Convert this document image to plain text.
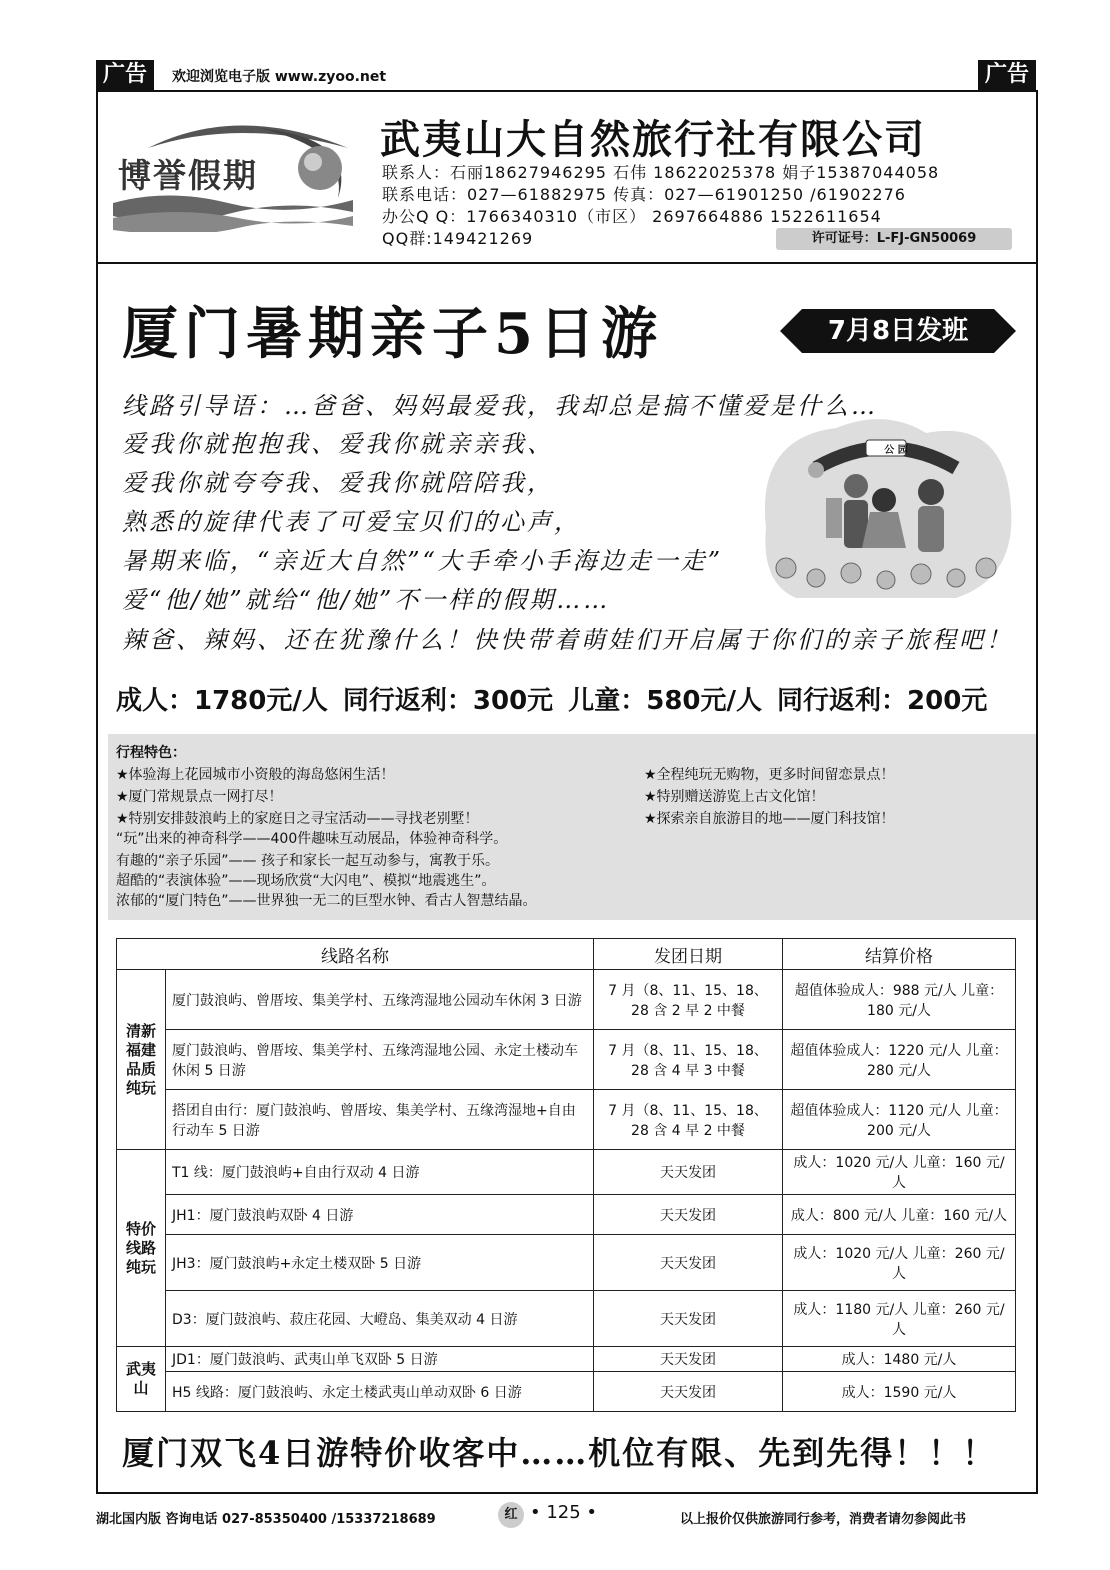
广告	欢迎浏览电子版 www.zyoo.net	广告
博誉假期
武夷山大自然旅行社有限公司
联系人：石丽18627946295 石伟 18622025378 娟子15387044058
联系电话：027—61882975 传真：027—61901250 /61902276
办公Q Q：1766340310（市区） 2697664886 1522611654
QQ群:149421269	许可证号：L-FJ-GN50069
厦门暑期亲子5日游	7月8日发班
线路引导语：…爸爸、妈妈最爱我，我却总是搞不懂爱是什么…
爱我你就抱抱我、爱我你就亲亲我、
爱我你就夸夸我、爱我你就陪陪我，
熟悉的旋律代表了可爱宝贝们的心声，
暑期来临，“亲近大自然”“大手牵小手海边走一走”
爱“他/她”就给“他/她”不一样的假期……
辣爸、辣妈、还在犹豫什么！快快带着萌娃们开启属于你们的亲子旅程吧！
公 园
成人：1780元/人 同行返利：300元 儿童：580元/人 同行返利：200元
行程特色：
★体验海上花园城市小资般的海岛悠闲生活！
★厦门常规景点一网打尽！
★特别安排鼓浪屿上的家庭日之寻宝活动——寻找老别墅！
“玩”出来的神奇科学——400件趣味互动展品，体验神奇科学。
有趣的“亲子乐园”—— 孩子和家长一起互动参与，寓教于乐。
超酷的“表演体验”——现场欣赏“大闪电”、模拟“地震逃生”。
浓郁的“厦门特色”——世界独一无二的巨型水钟、看古人智慧结晶。
★全程纯玩无购物，更多时间留恋景点！
★特别赠送游览上古文化馆！
★探索亲自旅游目的地——厦门科技馆！
线路名称		发团日期	结算价格
清新福建品质纯玩	厦门鼓浪屿、曾厝垵、集美学村、五缘湾湿地公园动车休闲 3 日游	7 月（8、11、15、18、28 含 2 早 2 中餐	超值体验成人：988 元/人 儿童：180 元/人
	厦门鼓浪屿、曾厝垵、集美学村、五缘湾湿地公园、永定土楼动车休闲 5 日游	7 月（8、11、15、18、28 含 4 早 3 中餐	超值体验成人：1220 元/人 儿童：280 元/人
	搭团自由行：厦门鼓浪屿、曾厝垵、集美学村、五缘湾湿地+自由行动车 5 日游	7 月（8、11、15、18、28 含 4 早 2 中餐	超值体验成人：1120 元/人 儿童：200 元/人
特价线路纯玩	T1 线：厦门鼓浪屿+自由行双动 4 日游	天天发团	成人：1020 元/人 儿童：160 元/人
	JH1：厦门鼓浪屿双卧 4 日游	天天发团	成人：800 元/人 儿童：160 元/人
	JH3：厦门鼓浪屿+永定土楼双卧 5 日游	天天发团	成人：1020 元/人 儿童：260 元/人
	D3：厦门鼓浪屿、菽庄花园、大嶝岛、集美双动 4 日游	天天发团	成人：1180 元/人 儿童：260 元/人
武夷山	JD1：厦门鼓浪屿、武夷山单飞双卧 5 日游	天天发团	成人：1480 元/人
	H5 线路：厦门鼓浪屿、永定土楼武夷山单动双卧 6 日游	天天发团	成人：1590 元/人
厦门双飞4日游特价收客中……机位有限、先到先得！！！
湖北国内版 咨询电话 027-85350400 /15337218689	红 • 125 •	以上报价仅供旅游同行参考，消费者请勿参阅此书
